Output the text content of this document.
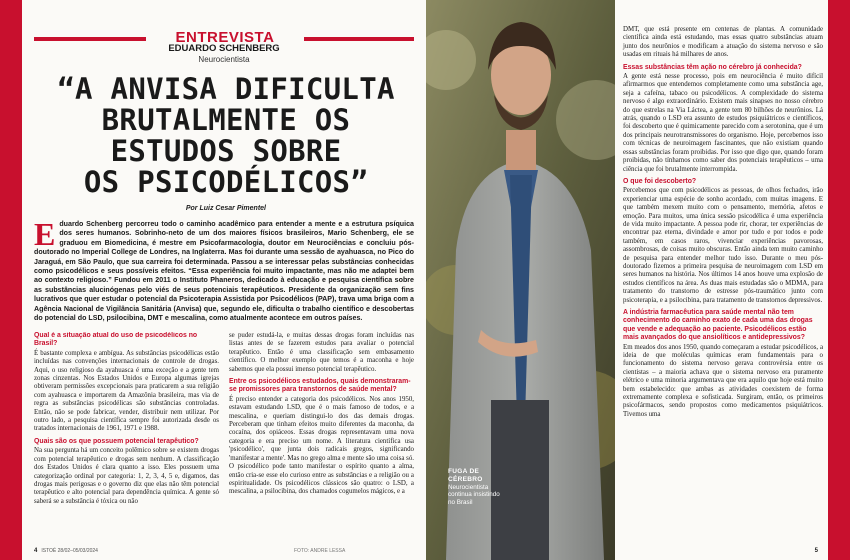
ENTREVISTA
EDUARDO SCHENBERG
Neurocientista
“A ANVISA DIFICULTA
BRUTALMENTE OS
ESTUDOS SOBRE
OS PSICODÉLICOS”
Por Luiz Cesar Pimentel
Eduardo Schenberg percorreu todo o caminho acadêmico para entender a mente e a estrutura psíquica dos seres humanos. Sobrinho-neto de um dos maiores físicos brasileiros, Mario Schenberg, ele se graduou em Biomedicina, é mestre em Psicofarmacologia, doutor em Neurociências e concluiu pós-doutorado no Imperial College de Londres, na Inglaterra. Mas foi durante uma sessão de ayahuasca, no Pico do Jaraguá, em São Paulo, que sua carreira foi determinada. Passou a se interessar pelas substâncias conhecidas como psicodélicos e seus possíveis efeitos. “Essa experiência foi muito impactante, mas não me adaptei bem ao contexto religioso.” Fundou em 2011 o Instituto Phaneros, dedicado à educação e pesquisa científica sobre as substâncias alucinógenas pelo viés de seus potenciais terapêuticos. Presidente da organização sem fins lucrativos que quer estudar o potencial da Psicoterapia Assistida por Psicodélicos (PAP), trava uma briga com a Agência Nacional de Vigilância Sanitária (Anvisa) que, segundo ele, dificulta o trabalho científico e descobertas do potencial do LSD, psilocibina, DMT e mescalina, como atualmente acontece em outros países.
Qual é a situação atual do uso de psicodélicos no Brasil?
É bastante complexa e ambígua. As substâncias psicodélicas estão incluídas nas convenções internacionais de controle de drogas. Aqui, o uso religioso da ayahuasca é uma exceção e a gente tem zonas cinzentas. Nos Estados Unidos e Europa algumas igrejas obtiveram permissões excepcionais para praticarem a sua religião com ayahuasca e importarem da Amazônia brasileira, mas via de regra as substâncias psicodélicas são substâncias controladas. Então, não se pode fabricar, vender, distribuir nem utilizar. Por outro lado, a pesquisa científica sempre foi autorizada desde os tratados internacionais de 1961, 1971 e 1988.
Quais são os que possuem potencial terapêutico?
Na sua pergunta há um conceito polêmico sobre se existem drogas com potencial terapêutico e drogas sem nenhum. A classificação dos Estados Unidos é clara quanto a isso. Eles possuem uma categorização ordinal por categoria: 1, 2, 3, 4, 5 e, digamos, das drogas mais perigosas e o governo diz que elas não têm potencial terapêutico e alto potencial para dependência química. A gente só saberá se a substância é tóxica ou não
se puder estudá-la, e muitas dessas drogas foram incluídas nas listas antes de se fazerem estudos para avaliar o potencial terapêutico. Então é uma classificação sem embasamento científico. O melhor exemplo que temos é a maconha e hoje sabemos que ela possui imenso potencial terapêutico.
Entre os psicodélicos estudados, quais demonstraram-se promissores para transtornos de saúde mental?
É preciso entender a categoria dos psicodélicos. Nos anos 1950, estavam estudando LSD, que é o mais famoso de todos, e a mescalina, e queriam distingui-lo dos das demais drogas. Perceberam que tinham efeitos muito diferentes da maconha, da cocaína, dos opiáceos. Essas drogas representavam uma nova categoria e era preciso um nome. A literatura científica usa 'psicodélico', que junta dois radicais gregos, significando 'manifestar a mente'. Mas no grego alma e mente são uma coisa só. O psicodélico pode tanto manifestar o espírito quanto a alma, então cria-se esse elo curioso entre as substâncias e a religião ou a espiritualidade. Os psicodélicos clássicos são quatro: o LSD, a mescalina, a psilocibina, dos chamados cogumelos mágicos, e a
4 ISTOÉ 28/02–05/03/2024	FOTO: ANDRE LESSA
FUGA DE
CÉREBRO
Neurocientista continua insistindo no Brasil
DMT, que está presente em centenas de plantas. A comunidade científica ainda está estudando, mas essas quatro substâncias atuam junto dos neurônios e modificam a atuação do sistema nervoso e são usadas em rituais há milhares de anos.
Essas substâncias têm ação no cérebro já conhecida?
A gente está nesse processo, pois em neurociência é muito difícil afirmarmos que entendemos completamente como uma substância age, seja a cafeína, tabaco ou psicodélicos. A complexidade do sistema nervoso é algo extraordinário. Existem mais sinapses no nosso cérebro do que estrelas na Via Láctea, a gente tem 80 bilhões de neurônios. Lá atrás, quando o LSD era assunto de estudos psiquiátricos e científicos, foi descoberto que é quimicamente parecido com a serotonina, que é um dos principais neurotransmissores do organismo. Hoje, percebemos isso com técnicas de neuroimagem fascinantes, que não existiam quando essas substâncias foram proibidas. Por isso que digo que, quando foram proibidas, não tínhamos como saber dos potenciais terapêuticos – uma ciência que foi brutalmente interrompida.
O que foi descoberto?
Percebemos que com psicodélicos as pessoas, de olhos fechados, irão experienciar uma espécie de sonho acordado, com muitas imagens. E que também mexem muito com o pensamento, memória, afetos e emoção. Para muitos, uma única sessão psicodélica é uma experiência de vida muito impactante. A pessoa pode rir, chorar, ter experiências de encontrar paz eterna, divindade e amor por tudo e por todos e pode também, em casos raros, vivenciar experiências pavorosas, assombrosas, de coisas muito obscuras. Então ainda tem muito caminho de pesquisa para entender melhor tudo isso. Durante o meu pós-doutorado fizemos a primeira pesquisa de neuroimagem com LSD em seres humanos na história. Nos últimos 14 anos houve uma explosão de estudos científicos na área. As duas mais estudadas são o MDMA, para tratamento do transtorno de estresse pós-traumático junto com psicoterapia, e a psilocibina, para tratamento de transtornos depressivos.
A indústria farmacêutica para saúde mental não tem conhecimento do caminho exato de cada uma das drogas que vende e adequação ao paciente. Psicodélicos estão mais avançados do que ansiolíticos e antidepressivos?
Em meados dos anos 1950, quando começaram a estudar psicodélicos, a ideia de que moléculas químicas eram fundamentais para o funcionamento do sistema nervoso gerava controvérsia entre os cientistas – a maioria achava que o sistema nervoso era puramente elétrico e uma minoria argumentava que era aquilo que hoje está muito bem estabelecido: que ambas as atividades coexistem de forma extremamente complexa e sofisticada. Surgiram, então, os primeiros psicofármacos, sendo propostos como medicamentos psiquiátricos. Tivemos uma
5
